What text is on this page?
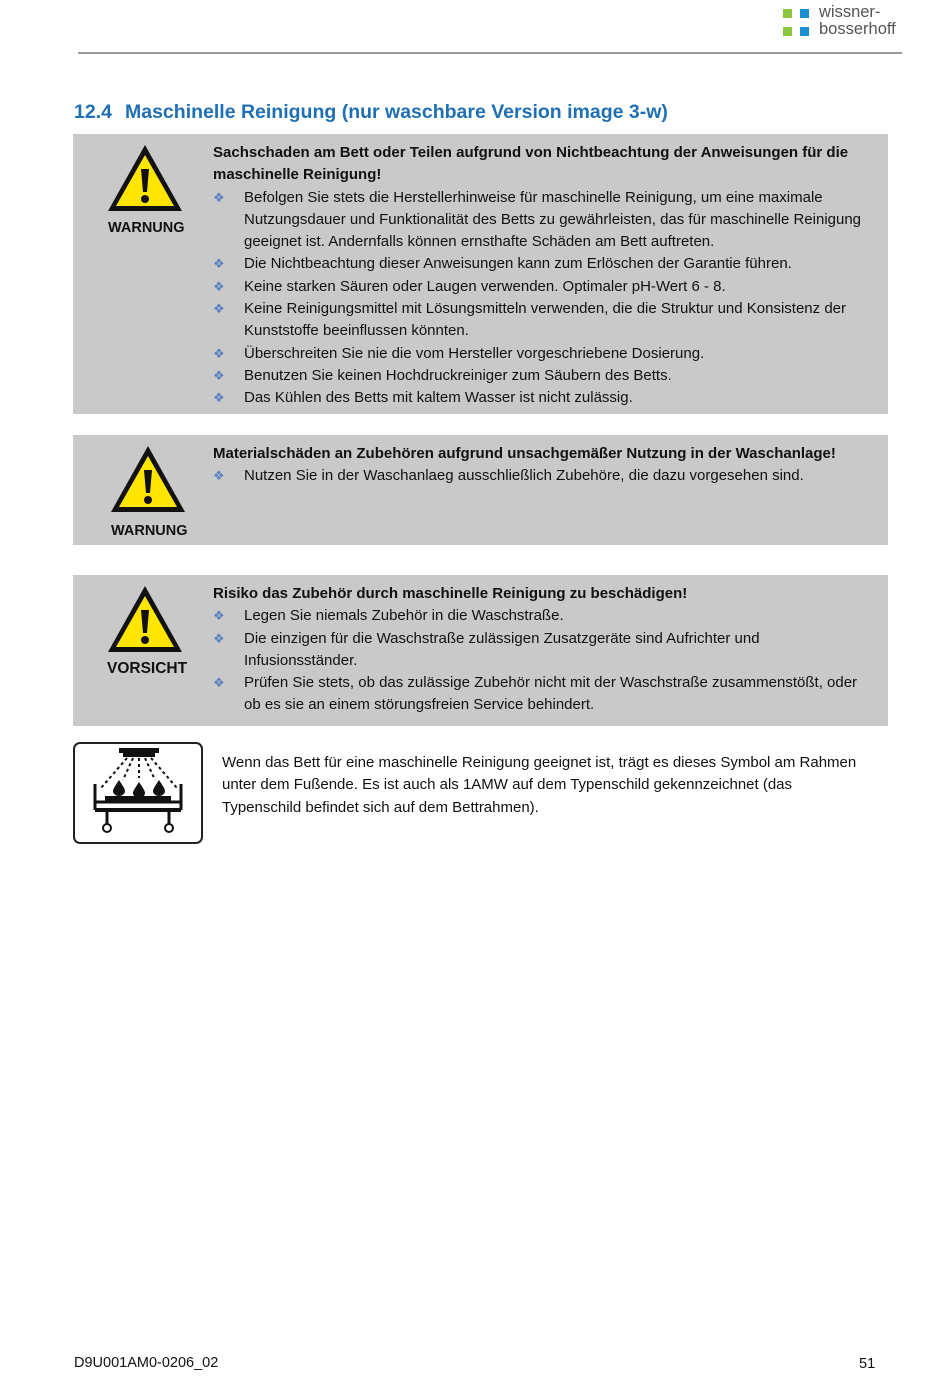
wissner-
bosserhoff
12.4 Maschinelle Reinigung (nur waschbare Version image 3-w)
WARNUNG

Sachschaden am Bett oder Teilen aufgrund von Nichtbeachtung der Anweisungen für die maschinelle Reinigung!

❖ Befolgen Sie stets die Herstellerhinweise für maschinelle Reinigung, um eine maximale Nutzungsdauer und Funktionalität des Betts zu gewährleisten, das für maschinelle Reinigung geeignet ist. Andernfalls können ernsthafte Schäden am Bett auftreten.
❖ Die Nichtbeachtung dieser Anweisungen kann zum Erlöschen der Garantie führen.
❖ Keine starken Säuren oder Laugen verwenden. Optimaler pH-Wert 6 - 8.
❖ Keine Reinigungsmittel mit Lösungsmitteln verwenden, die die Struktur und Konsistenz der Kunststoffe beeinflussen könnten.
❖ Überschreiten Sie nie die vom Hersteller vorgeschriebene Dosierung.
❖ Benutzen Sie keinen Hochdruckreiniger zum Säubern des Betts.
❖ Das Kühlen des Betts mit kaltem Wasser ist nicht zulässig.
WARNUNG

Materialschäden an Zubehören aufgrund unsachgemäßer Nutzung in der Waschanlage!

❖ Nutzen Sie in der Waschanlaeg ausschließlich Zubehöre, die dazu vorgesehen sind.
VORSICHT

Risiko das Zubehör durch maschinelle Reinigung zu beschädigen!

❖ Legen Sie niemals Zubehör in die Waschstraße.
❖ Die einzigen für die Waschstraße zulässigen Zusatzgeräte sind Aufrichter und Infusionsständer.
❖ Prüfen Sie stets, ob das zulässige Zubehör nicht mit der Waschstraße zusammenstößt, oder ob es sie an einem störungsfreien Service behindert.
Wenn das Bett für eine maschinelle Reinigung geeignet ist, trägt es dieses Symbol am Rahmen unter dem Fußende. Es ist auch als 1AMW auf dem Typenschild gekennzeichnet (das Typenschild befindet sich auf dem Bettrahmen).
D9U001AM0-0206_02	51
